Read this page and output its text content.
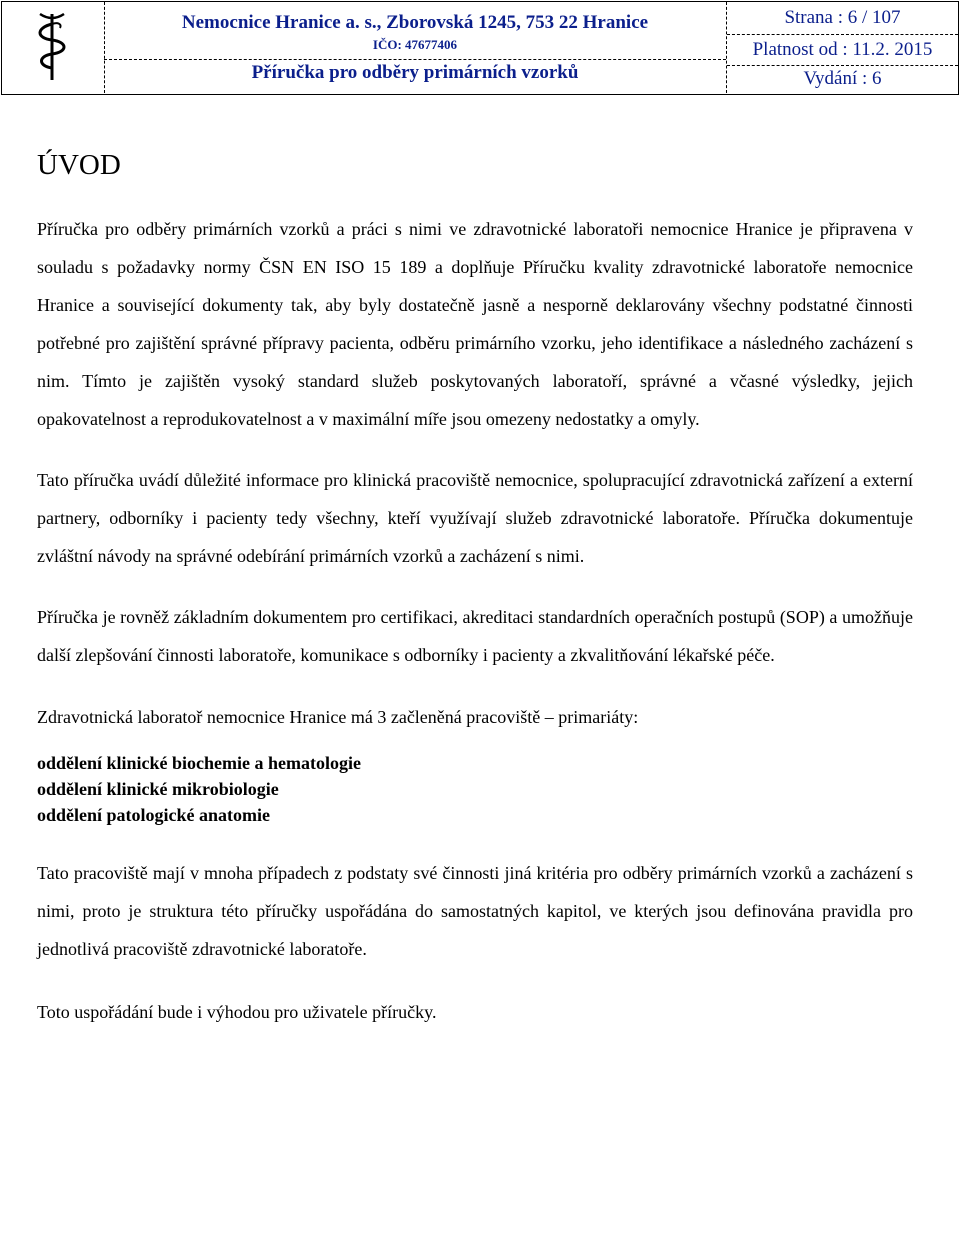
Nemocnice Hranice a. s., Zborovská 1245, 753 22 Hranice
IČO: 47677406
Příručka pro odběry primárních vzorků
Strana : 6 / 107
Platnost od : 11.2. 2015
Vydání : 6
ÚVOD

Příručka pro odběry primárních vzorků a práci s nimi ve zdravotnické laboratoři nemocnice Hranice je připravena v souladu s požadavky normy ČSN EN ISO 15 189 a doplňuje Příručku kvality zdravotnické laboratoře nemocnice Hranice a související dokumenty tak, aby byly dostatečně jasně a nesporně deklarovány všechny podstatné činnosti potřebné pro zajištění správné přípravy pacienta, odběru primárního vzorku, jeho identifikace a následného zacházení s nim. Tímto je zajištěn vysoký standard služeb poskytovaných laboratoří, správné a včasné výsledky, jejich opakovatelnost a reprodukovatelnost a v maximální míře jsou omezeny nedostatky a omyly.

Tato příručka uvádí důležité informace pro klinická pracoviště nemocnice, spolupracující zdravotnická zařízení a externí partnery, odborníky i pacienty tedy všechny, kteří využívají služeb zdravotnické laboratoře. Příručka dokumentuje zvláštní návody na správné odebírání primárních vzorků a zacházení s nimi.

Příručka je rovněž základním dokumentem pro certifikaci, akreditaci standardních operačních postupů (SOP) a umožňuje další zlepšování činnosti laboratoře, komunikace s odborníky i pacienty a zkvalitňování lékařské péče.

Zdravotnická laboratoř nemocnice Hranice má 3 začleněná pracoviště – primariáty:

oddělení klinické biochemie a hematologie
oddělení klinické mikrobiologie
oddělení patologické anatomie

Tato pracoviště mají v mnoha případech z podstaty své činnosti jiná kritéria pro odběry primárních vzorků a zacházení s nimi, proto je struktura této příručky uspořádána do samostatných kapitol, ve kterých jsou definována pravidla pro jednotlivá pracoviště zdravotnické laboratoře.

Toto uspořádání bude i výhodou pro uživatele příručky.
